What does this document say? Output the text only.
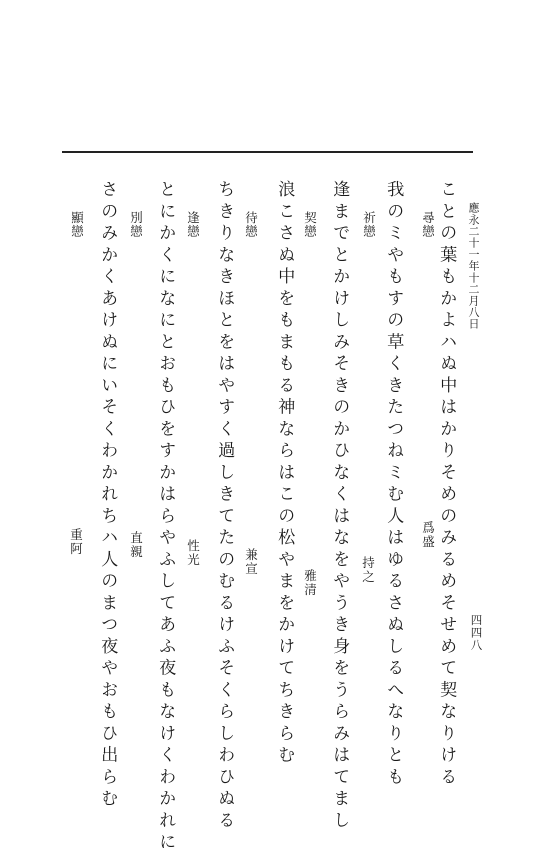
應永二十一年十二月八日
四四八
尋戀
爲盛 ことの葉もかよハぬ中はかりそめのみるめそせめて契なりける
我のミやもすの草くきたつねミむ人はゆるさぬしるへなりとも
祈戀
持之
逢までとかけしみそきのかひなくはなをやうき身をうらみはてまし
契戀
雅清
浪こさぬ中をもまもる神ならはこの松やまをかけてちきらむ
待戀
兼宣
ちきりなきほとをはやすく過しきてたのむるけふそくらしわひぬる
逢戀
性光
とにかくになにとおもひをすかはらやふしてあふ夜もなけくわかれに
別戀
直親
さのみかくあけぬにいそくわかれちハ人のまつ夜やおもひ出らむ
顯戀
重阿
